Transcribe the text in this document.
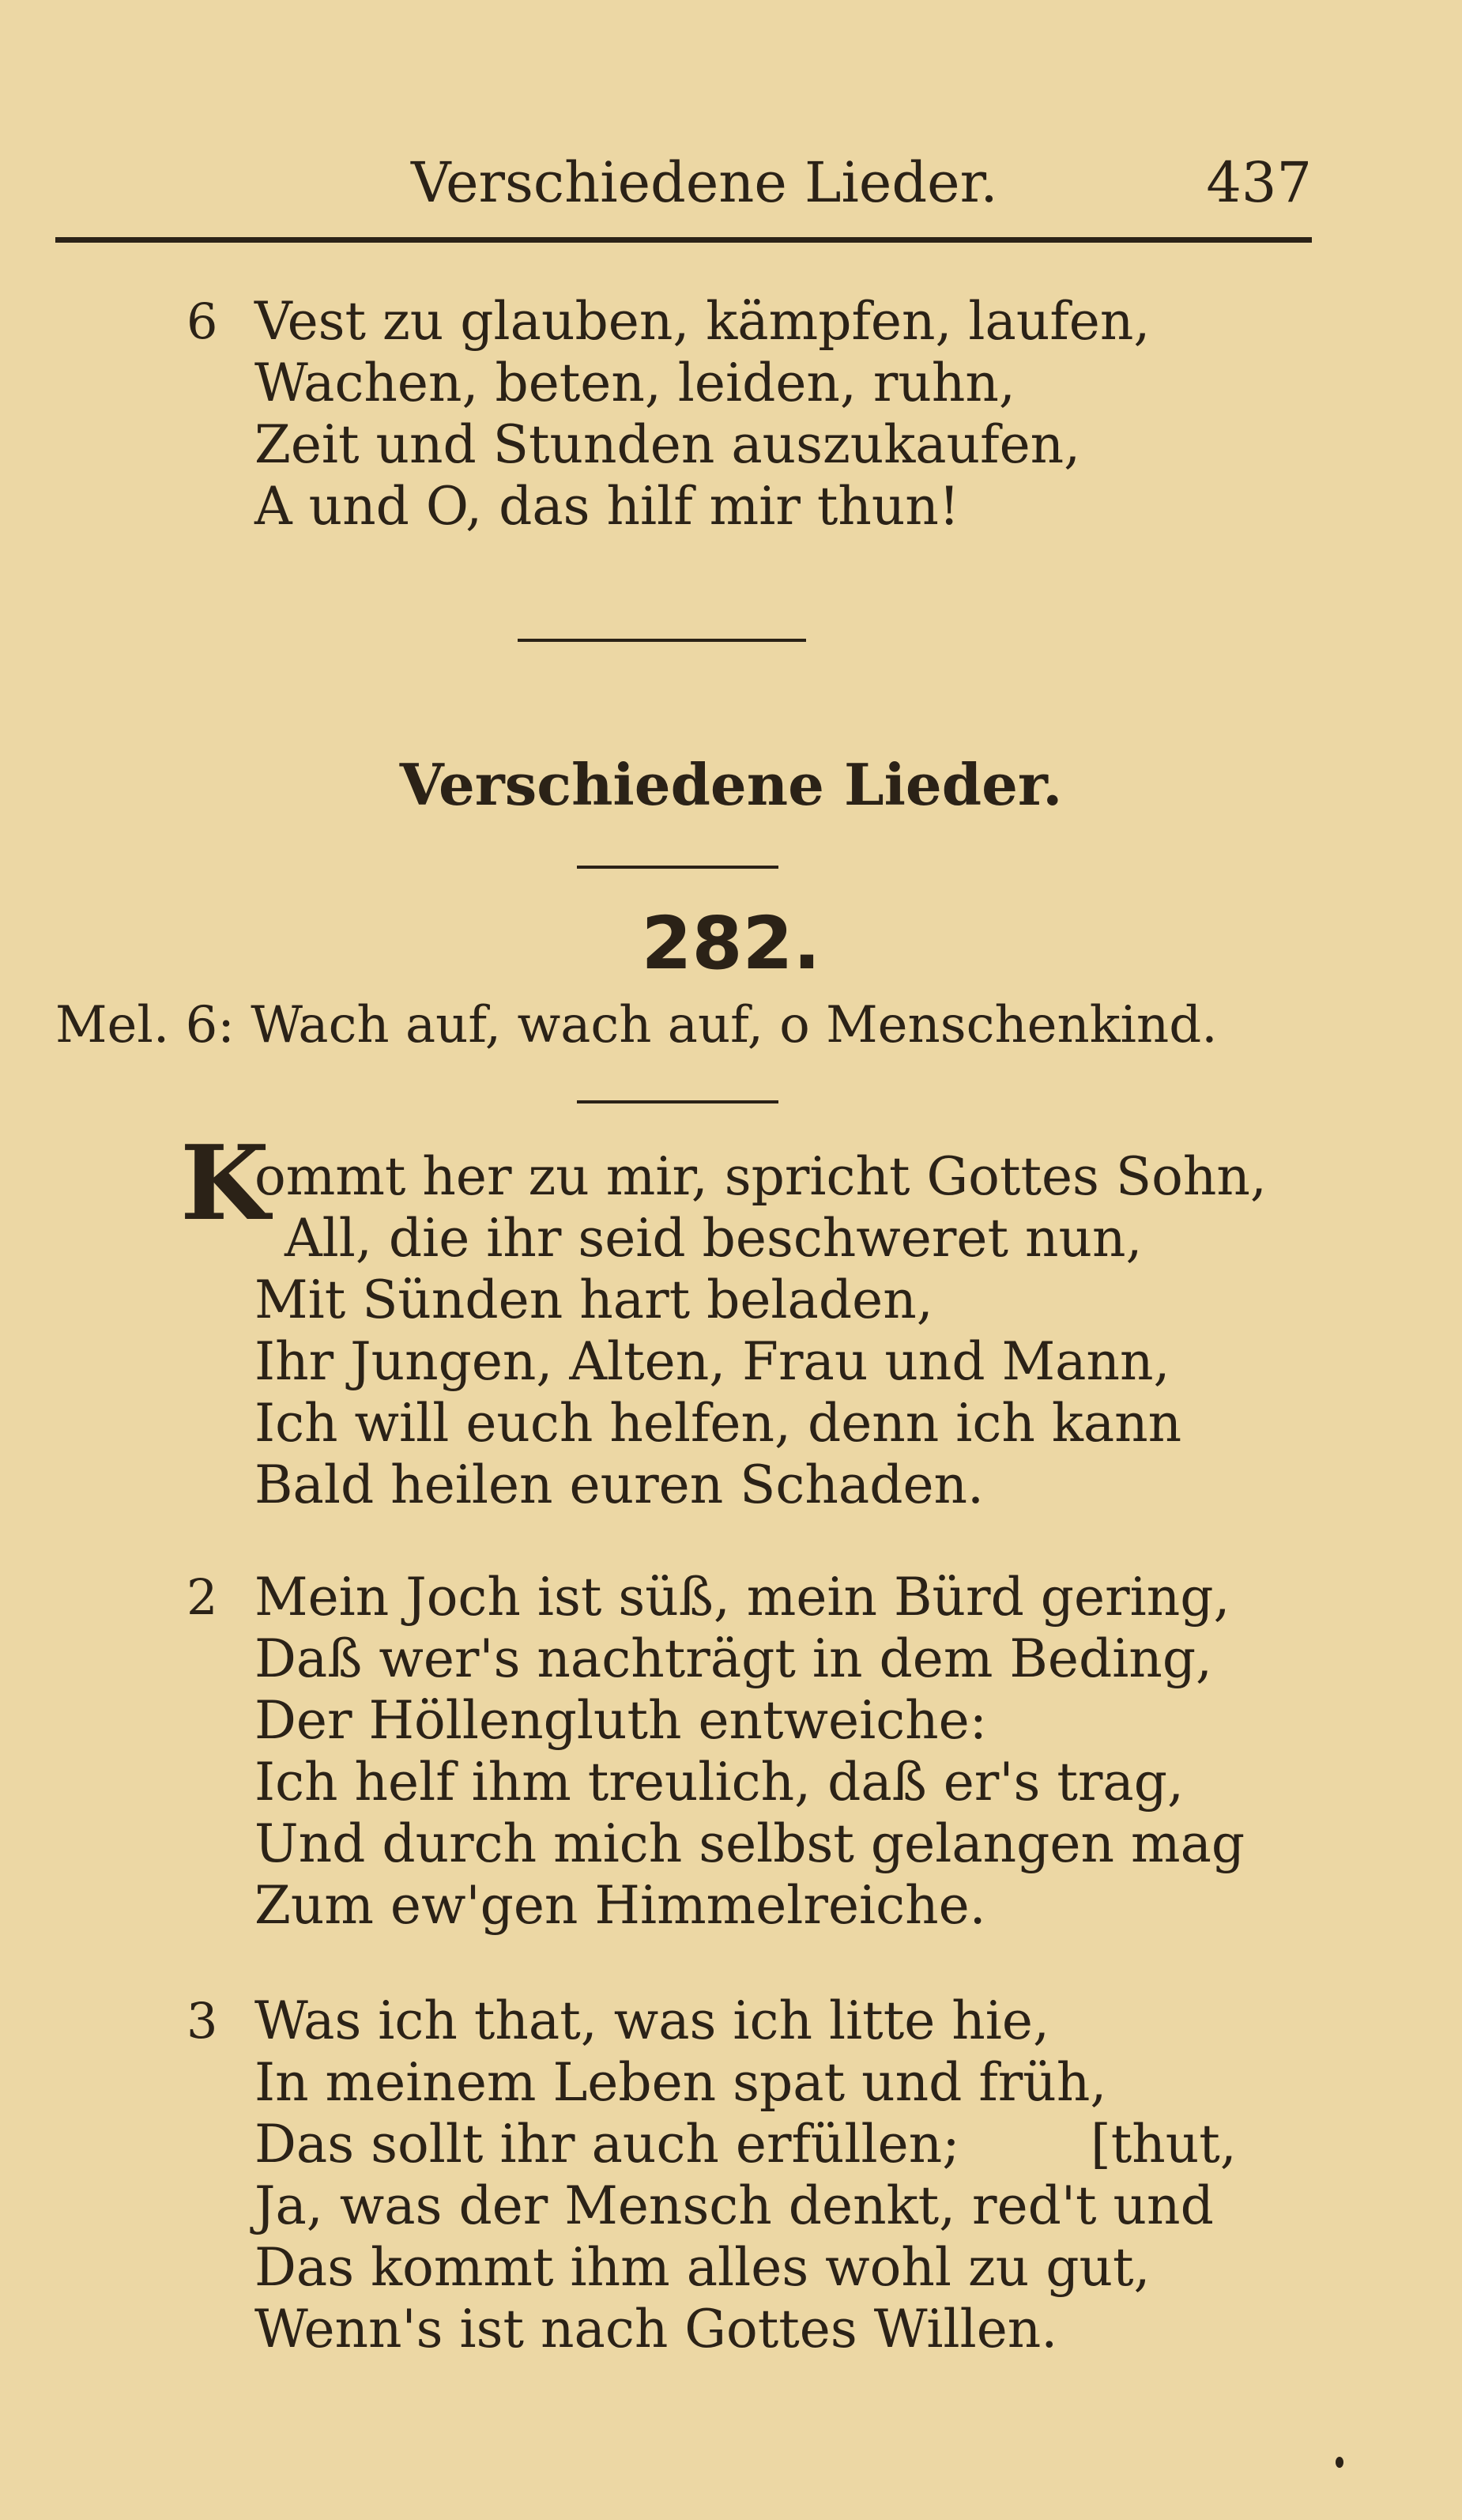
Verschiedene Lieder.	437
6 Vest zu glauben, kämpfen, laufen,
Wachen, beten, leiden, ruhn,
Zeit und Stunden auszukaufen,
A und O, das hilf mir thun!
Verschiedene Lieder.
282.
Mel. 6: Wach auf, wach auf, o Menschenkind.
K
ommt her zu mir, spricht Gottes Sohn,
All, die ihr seid beschweret nun,
Mit Sünden hart beladen,
Ihr Jungen, Alten, Frau und Mann,
Ich will euch helfen, denn ich kann
Bald heilen euren Schaden.
2 Mein Joch ist süß, mein Bürd gering,
Daß wer's nachträgt in dem Beding,
Der Höllengluth entweiche:
Ich helf ihm treulich, daß er's trag,
Und durch mich selbst gelangen mag
Zum ew'gen Himmelreiche.
3 Was ich that, was ich litte hie,
In meinem Leben spat und früh,
Das sollt ihr auch erfüllen;	[thut,
Ja, was der Mensch denkt, red't und
Das kommt ihm alles wohl zu gut,
Wenn's ist nach Gottes Willen.
